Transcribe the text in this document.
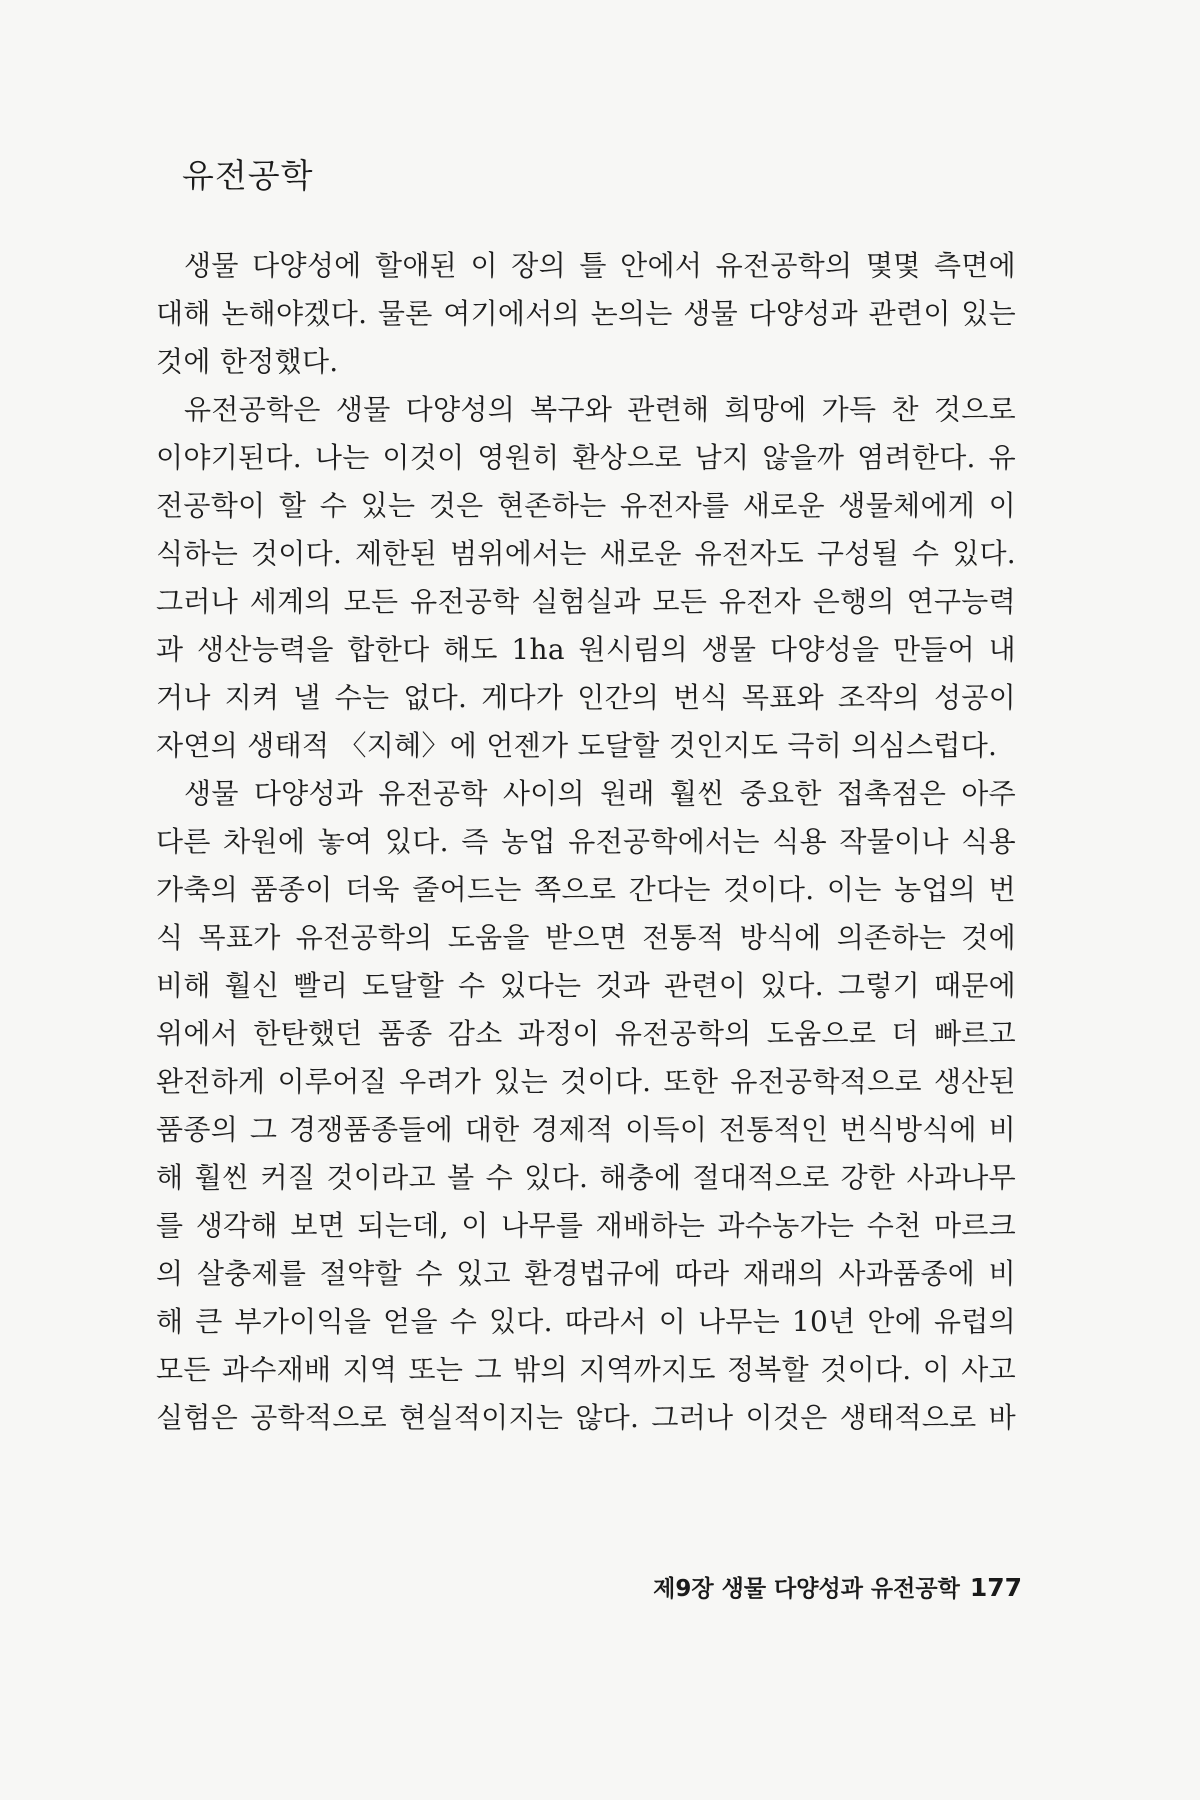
유전공학
생물 다양성에 할애된 이 장의 틀 안에서 유전공학의 몇몇 측면에
대해 논해야겠다. 물론 여기에서의 논의는 생물 다양성과 관련이 있는
것에 한정했다.
유전공학은 생물 다양성의 복구와 관련해 희망에 가득 찬 것으로
이야기된다. 나는 이것이 영원히 환상으로 남지 않을까 염려한다. 유
전공학이 할 수 있는 것은 현존하는 유전자를 새로운 생물체에게 이
식하는 것이다. 제한된 범위에서는 새로운 유전자도 구성될 수 있다.
그러나 세계의 모든 유전공학 실험실과 모든 유전자 은행의 연구능력
과 생산능력을 합한다 해도 1ha 원시림의 생물 다양성을 만들어 내
거나 지켜 낼 수는 없다. 게다가 인간의 번식 목표와 조작의 성공이
자연의 생태적 〈지혜〉에 언젠가 도달할 것인지도 극히 의심스럽다.
생물 다양성과 유전공학 사이의 원래 훨씬 중요한 접촉점은 아주
다른 차원에 놓여 있다. 즉 농업 유전공학에서는 식용 작물이나 식용
가축의 품종이 더욱 줄어드는 쪽으로 간다는 것이다. 이는 농업의 번
식 목표가 유전공학의 도움을 받으면 전통적 방식에 의존하는 것에
비해 훨신 빨리 도달할 수 있다는 것과 관련이 있다. 그렇기 때문에
위에서 한탄했던 품종 감소 과정이 유전공학의 도움으로 더 빠르고
완전하게 이루어질 우려가 있는 것이다. 또한 유전공학적으로 생산된
품종의 그 경쟁품종들에 대한 경제적 이득이 전통적인 번식방식에 비
해 훨씬 커질 것이라고 볼 수 있다. 해충에 절대적으로 강한 사과나무
를 생각해 보면 되는데, 이 나무를 재배하는 과수농가는 수천 마르크
의 살충제를 절약할 수 있고 환경법규에 따라 재래의 사과품종에 비
해 큰 부가이익을 얻을 수 있다. 따라서 이 나무는 10년 안에 유럽의
모든 과수재배 지역 또는 그 밖의 지역까지도 정복할 것이다. 이 사고
실험은 공학적으로 현실적이지는 않다. 그러나 이것은 생태적으로 바
제9장 생물 다양성과 유전공학 177
